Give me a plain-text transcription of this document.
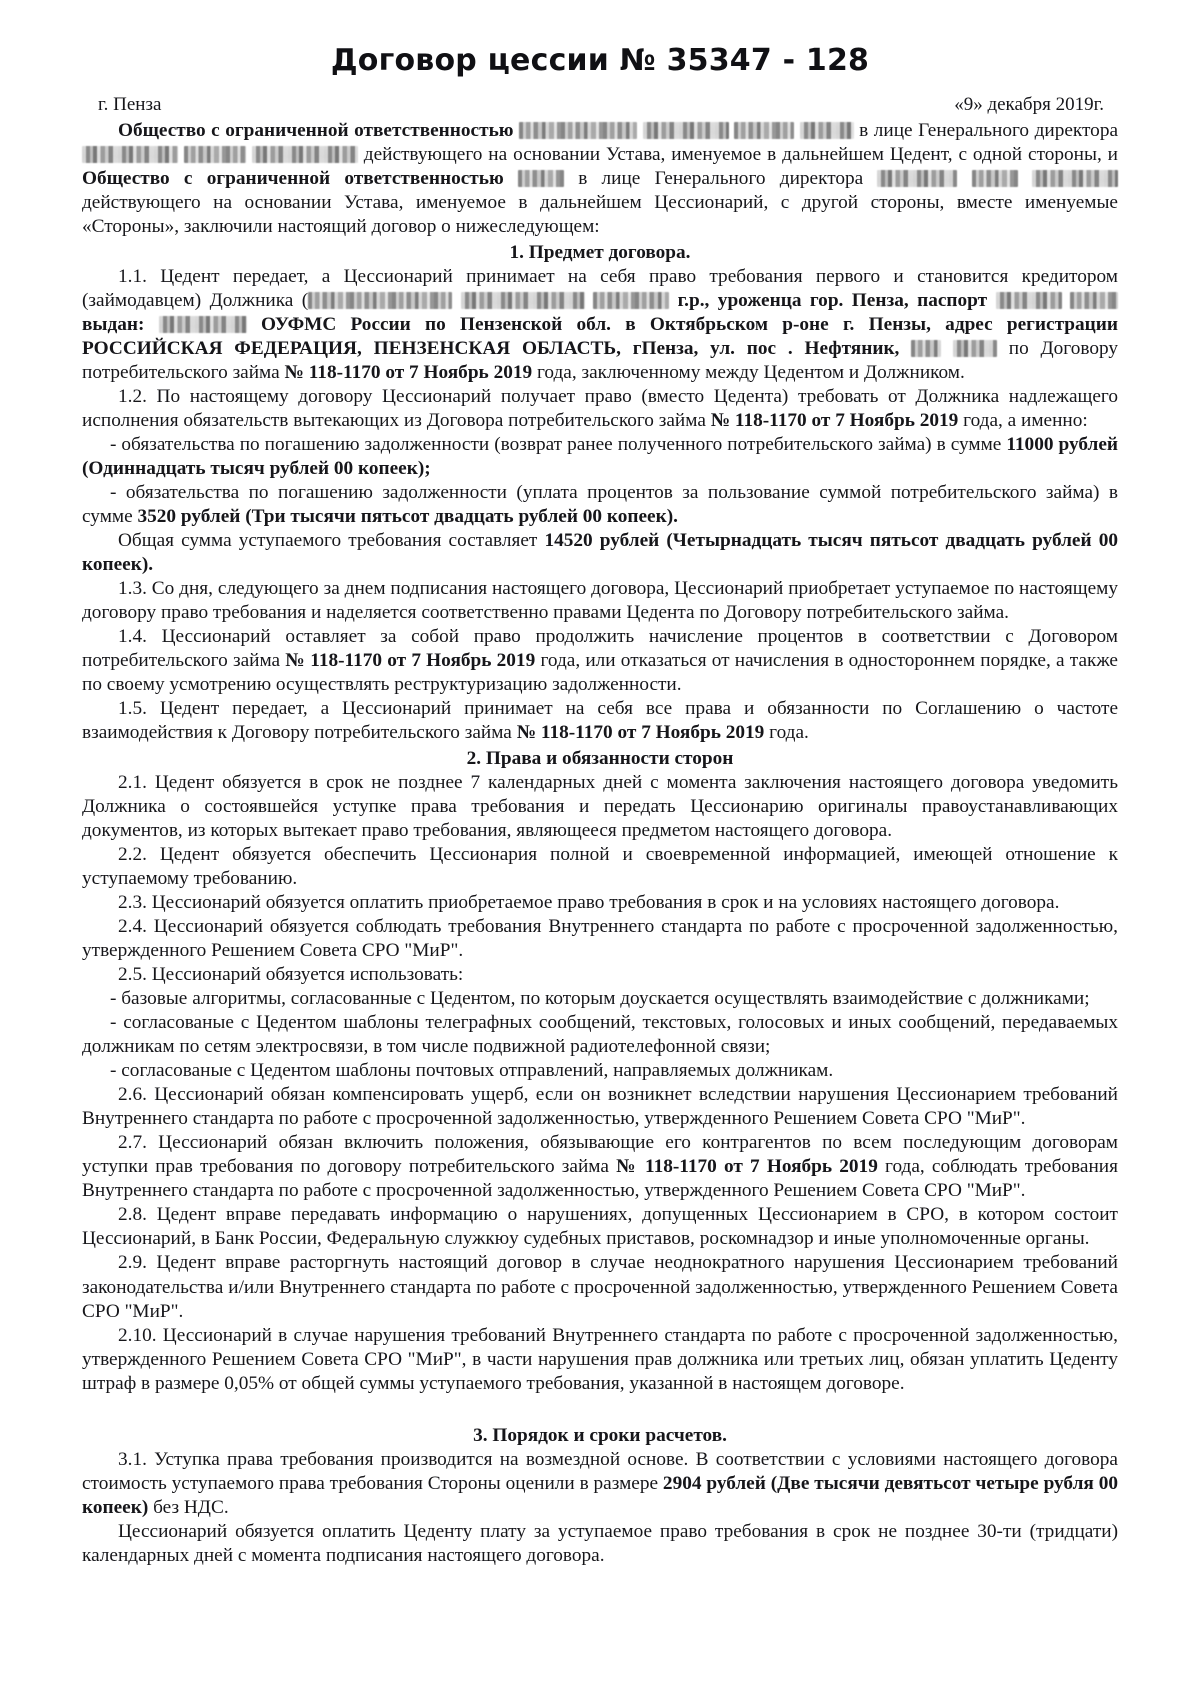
Договор цессии № 35347 - 128
г. Пенза	«9» декабря 2019г.

Общество с ограниченной ответственностью	в лице Генерального директора    действующего на основании Устава, именуемое в дальнейшем Цедент, с одной стороны, и Общество с ограниченной ответственностью	в лице Генерального директора    действующего на основании Устава, именуемое в дальнейшем Цессионарий, с другой стороны, вместе именуемые «Стороны», заключили настоящий договор о нижеследующем:

1. Предмет договора.

1.1. Цедент передает, а Цессионарий принимает на себя право требования первого и становится кредитором (займодавцем) Должника (	г.р., уроженца гор. Пенза, паспорт   выдан:	ОУФМС России по Пензенской обл. в Октябрьском р-оне г. Пензы, адрес регистрации РОССИЙСКАЯ ФЕДЕРАЦИЯ, ПЕНЗЕНСКАЯ ОБЛАСТЬ, гПенза, ул. пос . Нефтяник,	по Договору потребительского займа № 118-1170 от 7 Ноябрь 2019 года, заключенному между Цедентом и Должником.

1.2. По настоящему договору Цессионарий получает право (вместо Цедента) требовать от Должника надлежащего исполнения обязательств вытекающих из Договора потребительского займа № 118-1170 от 7 Ноябрь 2019 года, а именно:

- обязательства по погашению задолженности (возврат ранее полученного потребительского займа) в сумме 11000 рублей (Одиннадцать тысяч рублей 00 копеек);

- обязательства по погашению задолженности (уплата процентов за пользование суммой потребительского займа) в сумме 3520 рублей (Три тысячи пятьсот двадцать рублей 00 копеек).

Общая сумма уступаемого требования составляет 14520 рублей (Четырнадцать тысяч пятьсот двадцать рублей 00 копеек).

1.3. Со дня, следующего за днем подписания настоящего договора, Цессионарий приобретает уступаемое по настоящему договору право требования и наделяется соответственно правами Цедента по Договору потребительского займа.

1.4. Цессионарий оставляет за собой право продолжить начисление процентов в соответствии с Договором потребительского займа № 118-1170 от 7 Ноябрь 2019 года, или отказаться от начисления в одностороннем порядке, а также по своему усмотрению осуществлять реструктуризацию задолженности.

1.5. Цедент передает, а Цессионарий принимает на себя все права и обязанности по Соглашению о частоте взаимодействия к Договору потребительского займа № 118-1170 от 7 Ноябрь 2019 года.

2. Права и обязанности сторон

2.1. Цедент обязуется в срок не позднее 7 календарных дней с момента заключения настоящего договора уведомить Должника о состоявшейся уступке права требования и передать Цессионарию оригиналы правоустанавливающих документов, из которых вытекает право требования, являющееся предметом настоящего договора.

2.2. Цедент обязуется обеспечить Цессионария полной и своевременной информацией, имеющей отношение к уступаемому требованию.

2.3. Цессионарий обязуется оплатить приобретаемое право требования в срок и на условиях настоящего договора.

2.4. Цессионарий обязуется соблюдать требования Внутреннего стандарта по работе с просроченной задолженностью, утвержденного Решением Совета СРО "МиР".

2.5. Цессионарий обязуется использовать:

- базовые алгоритмы, согласованные с Цедентом, по которым доускается осуществлять взаимодействие с должниками;

- согласованые с Цедентом шаблоны телеграфных сообщений, текстовых, голосовых и иных сообщений, передаваемых должникам по сетям электросвязи, в том числе подвижной радиотелефонной связи;

- согласованые с Цедентом шаблоны почтовых отправлений, направляемых должникам.

2.6. Цессионарий обязан компенсировать ущерб, если он возникнет вследствии нарушения Цессионарием требований Внутреннего стандарта по работе с просроченной задолженностью, утвержденного Решением Совета СРО "МиР".

2.7. Цессионарий обязан включить положения, обязывающие его контрагентов по всем последующим договорам уступки прав требования по договору потребительского займа № 118-1170 от 7 Ноябрь 2019 года, соблюдать требования Внутреннего стандарта по работе с просроченной задолженностью, утвержденного Решением Совета СРО "МиР".

2.8. Цедент вправе передавать информацию о нарушениях, допущенных Цессионарием в СРО, в котором состоит Цессионарий, в Банк России, Федеральную служкюу судебных приставов, роскомнадзор и иные уполномоченные органы.

2.9. Цедент вправе расторгнуть настоящий договор в случае неоднократного нарушения Цессионарием требований законодательства и/или Внутреннего стандарта по работе с просроченной задолженностью, утвержденного Решением Совета СРО "МиР".

2.10. Цессионарий в случае нарушения требований Внутреннего стандарта по работе с просроченной задолженностью, утвержденного Решением Совета СРО "МиР", в части нарушения прав должника или третьих лиц, обязан уплатить Цеденту штраф в размере 0,05% от общей суммы уступаемого требования, указанной в настоящем договоре.

3. Порядок и сроки расчетов.

3.1. Уступка права требования производится на возмездной основе. В соответствии с условиями настоящего договора стоимость уступаемого права требования Стороны оценили в размере 2904 рублей (Две тысячи девятьсот четыре рубля 00 копеек) без НДС.

Цессионарий обязуется оплатить Цеденту плату за уступаемое право требования в срок не позднее 30-ти (тридцати) календарных дней с момента подписания настоящего договора.
